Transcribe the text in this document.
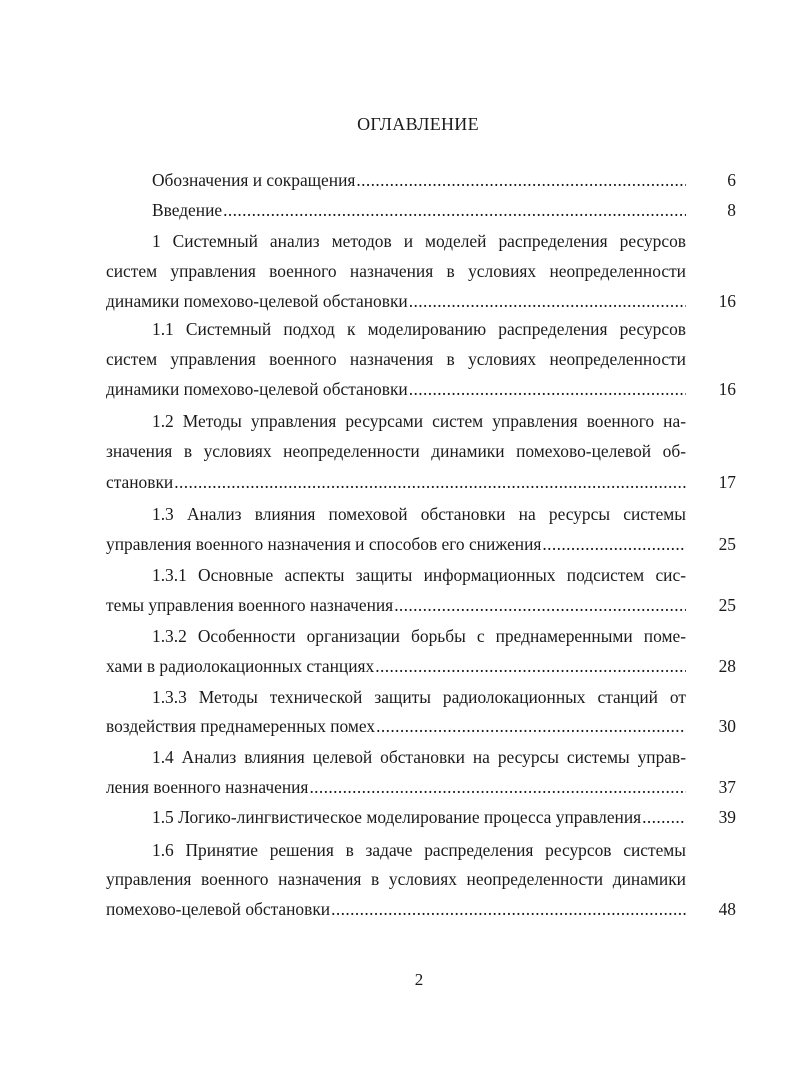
ОГЛАВЛЕНИЕ
Обозначения и сокращения .....	6
Введение .....	8
1 Системный анализ методов и моделей распределения ресурсов
систем управления военного назначения в условиях неопределенности
динамики помехово-целевой обстановки .....	16
1.1 Системный подход к моделированию распределения ресурсов
систем управления военного назначения в условиях неопределенности
динамики помехово-целевой обстановки .....	16
1.2 Методы управления ресурсами систем управления военного на-
значения в условиях неопределенности динамики помехово-целевой об-
становки .....	17
1.3 Анализ влияния помеховой обстановки на ресурсы системы
управления военного назначения и способов его снижения .....	25
1.3.1 Основные аспекты защиты информационных подсистем сис-
темы управления военного назначения .....	25
1.3.2 Особенности организации борьбы с преднамеренными поме-
хами в радиолокационных станциях .....	28
1.3.3 Методы технической защиты радиолокационных станций от
воздействия преднамеренных помех .....	30
1.4 Анализ влияния целевой обстановки на ресурсы системы управ-
ления военного назначения .....	37
1.5 Логико-лингвистическое моделирование процесса управления .....	39
1.6 Принятие решения в задаче распределения ресурсов системы
управления военного назначения в условиях неопределенности динамики
помехово-целевой обстановки .....	48
2
